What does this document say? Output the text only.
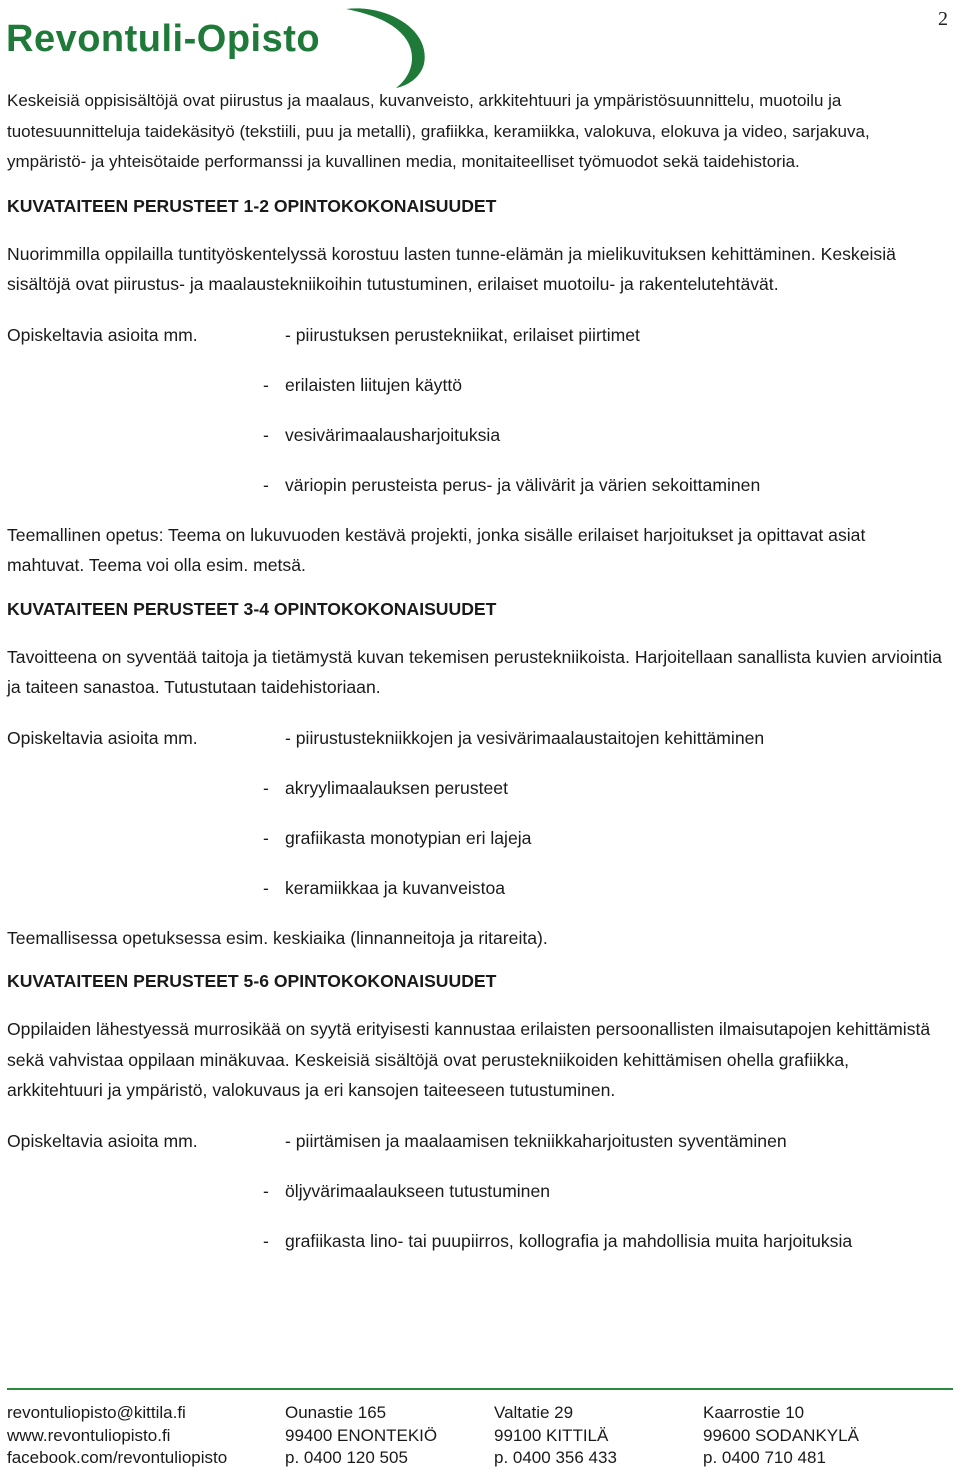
Revontuli-Opisto	2

Keskeisiä oppisisältöjä ovat piirustus ja maalaus, kuvanveisto, arkkitehtuuri ja ympäristösuunnittelu, muotoilu ja tuotesuunnitteluja taidekäsityö (tekstiili, puu ja metalli), grafiikka, keramiikka, valokuva, elokuva ja video, sarjakuva, ympäristö- ja yhteisötaide performanssi ja kuvallinen media, monitaiteelliset työmuodot sekä taidehistoria.

KUVATAITEEN PERUSTEET 1-2 OPINTOKOKONAISUUDET

Nuorimmilla oppilailla tuntityöskentelyssä korostuu lasten tunne-elämän ja mielikuvituksen kehittäminen. Keskeisiä sisältöjä ovat piirustus- ja maalaustekniikoihin tutustuminen, erilaiset muotoilu- ja rakentelutehtävät.

Opiskeltavia asioita mm.	- piirustuksen perustekniikat, erilaiset piirtimet
- erilaisten liitujen käyttö
- vesivärimaalausharjoituksia
- väriopin perusteista perus- ja välivärit ja värien sekoittaminen

Teemallinen opetus: Teema on lukuvuoden kestävä projekti, jonka sisälle erilaiset harjoitukset ja opittavat asiat mahtuvat. Teema voi olla esim. metsä.

KUVATAITEEN PERUSTEET 3-4 OPINTOKOKONAISUUDET

Tavoitteena on syventää taitoja ja tietämystä kuvan tekemisen perustekniikoista. Harjoitellaan sanallista kuvien arviointia ja taiteen sanastoa. Tutustutaan taidehistoriaan.

Opiskeltavia asioita mm.	- piirustustekniikkojen ja vesivärimaalaustaitojen kehittäminen
- akryylimaalauksen perusteet
- grafiikasta monotypian eri lajeja
- keramiikkaa ja kuvanveistoa

Teemallisessa opetuksessa esim. keskiaika (linnanneitoja ja ritareita).

KUVATAITEEN PERUSTEET 5-6 OPINTOKOKONAISUUDET

Oppilaiden lähestyessä murrosikää on syytä erityisesti kannustaa erilaisten persoonallisten ilmaisutapojen kehittämistä sekä vahvistaa oppilaan minäkuvaa. Keskeisiä sisältöjä ovat perustekniikoiden kehittämisen ohella grafiikka, arkkitehtuuri ja ympäristö, valokuvaus ja eri kansojen taiteeseen tutustuminen.

Opiskeltavia asioita mm.	- piirtämisen ja maalaamisen tekniikkaharjoitusten syventäminen
- öljyvärimaalaukseen tutustuminen
- grafiikasta lino- tai puupiirros, kollografia ja mahdollisia muita harjoituksia
revontuliopisto@kittila.fi
www.revontuliopisto.fi
facebook.com/revontuliopisto
Ounastie 165
99400 ENONTEKIÖ
p. 0400 120 505
Valtatie 29
99100 KITTILÄ
p. 0400 356 433
Kaarrostie 10
99600 SODANKYLÄ
p. 0400 710 481
